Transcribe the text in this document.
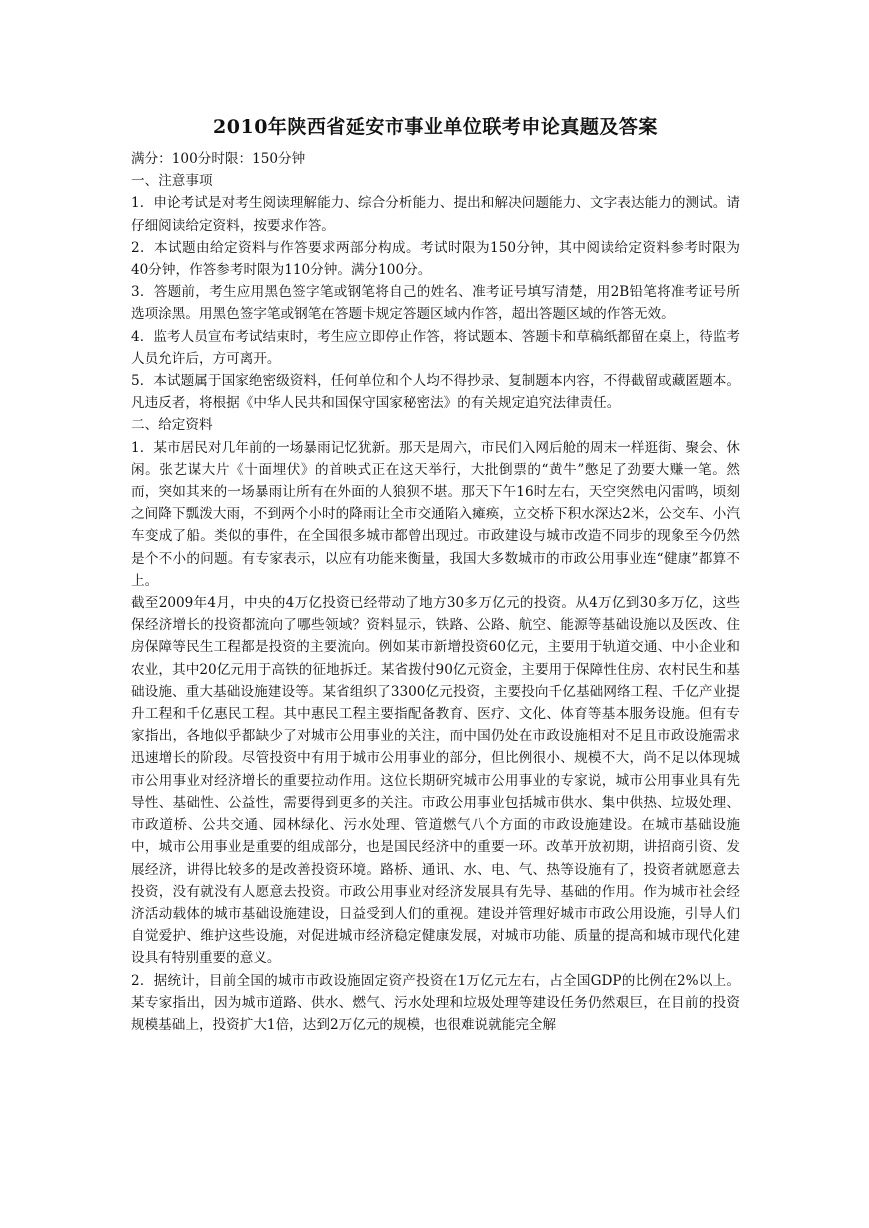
2010年陕西省延安市事业单位联考申论真题及答案

满分：100分时限：150分钟

一、注意事项

1．申论考试是对考生阅读理解能力、综合分析能力、提出和解决问题能力、文字表达能力的测试。请仔细阅读给定资料，按要求作答。

2．本试题由给定资料与作答要求两部分构成。考试时限为150分钟，其中阅读给定资料参考时限为40分钟，作答参考时限为110分钟。满分100分。

3．答题前，考生应用黑色签字笔或钢笔将自己的姓名、准考证号填写清楚，用2B铅笔将准考证号所选项涂黑。用黑色签字笔或钢笔在答题卡规定答题区域内作答，超出答题区域的作答无效。

4．监考人员宣布考试结束时，考生应立即停止作答，将试题本、答题卡和草稿纸都留在桌上，待监考人员允许后，方可离开。

5．本试题属于国家绝密级资料，任何单位和个人均不得抄录、复制题本内容，不得截留或藏匿题本。凡违反者，将根据《中华人民共和国保守国家秘密法》的有关规定追究法律责任。

二、给定资料

1．某市居民对几年前的一场暴雨记忆犹新。那天是周六，市民们入网后舱的周末一样逛街、聚会、休闲。张艺谋大片《十面埋伏》的首映式正在这天举行，大批倒票的“黄牛”憋足了劲要大赚一笔。然而，突如其来的一场暴雨让所有在外面的人狼狈不堪。那天下午16时左右，天空突然电闪雷鸣，顷刻之间降下瓢泼大雨，不到两个小时的降雨让全市交通陷入瘫痪，立交桥下积水深达2米，公交车、小汽车变成了船。类似的事件，在全国很多城市都曾出现过。市政建设与城市改造不同步的现象至今仍然是个不小的问题。有专家表示，以应有功能来衡量，我国大多数城市的市政公用事业连“健康”都算不上。

截至2009年4月，中央的4万亿投资已经带动了地方30多万亿元的投资。从4万亿到30多万亿，这些保经济增长的投资都流向了哪些领域？资料显示，铁路、公路、航空、能源等基础设施以及医改、住房保障等民生工程都是投资的主要流向。例如某市新增投资60亿元，主要用于轨道交通、中小企业和农业，其中20亿元用于高铁的征地拆迁。某省拨付90亿元资金，主要用于保障性住房、农村民生和基础设施、重大基础设施建设等。某省组织了3300亿元投资，主要投向千亿基础网络工程、千亿产业提升工程和千亿惠民工程。其中惠民工程主要指配备教育、医疗、文化、体育等基本服务设施。但有专家指出，各地似乎都缺少了对城市公用事业的关注，而中国仍处在市政设施相对不足且市政设施需求迅速增长的阶段。尽管投资中有用于城市公用事业的部分，但比例很小、规模不大，尚不足以体现城市公用事业对经济增长的重要拉动作用。这位长期研究城市公用事业的专家说，城市公用事业具有先导性、基础性、公益性，需要得到更多的关注。市政公用事业包括城市供水、集中供热、垃圾处理、市政道桥、公共交通、园林绿化、污水处理、管道燃气八个方面的市政设施建设。在城市基础设施中，城市公用事业是重要的组成部分，也是国民经济中的重要一环。改革开放初期，讲招商引资、发展经济，讲得比较多的是改善投资环境。路桥、通讯、水、电、气、热等设施有了，投资者就愿意去投资，没有就没有人愿意去投资。市政公用事业对经济发展具有先导、基础的作用。作为城市社会经济活动载体的城市基础设施建设，日益受到人们的重视。建设并管理好城市市政公用设施，引导人们自觉爱护、维护这些设施，对促进城市经济稳定健康发展，对城市功能、质量的提高和城市现代化建设具有特别重要的意义。

2．据统计，目前全国的城市市政设施固定资产投资在1万亿元左右，占全国GDP的比例在2%以上。某专家指出，因为城市道路、供水、燃气、污水处理和垃圾处理等建设任务仍然艰巨，在目前的投资规模基础上，投资扩大1倍，达到2万亿元的规模，也很难说就能完全解
